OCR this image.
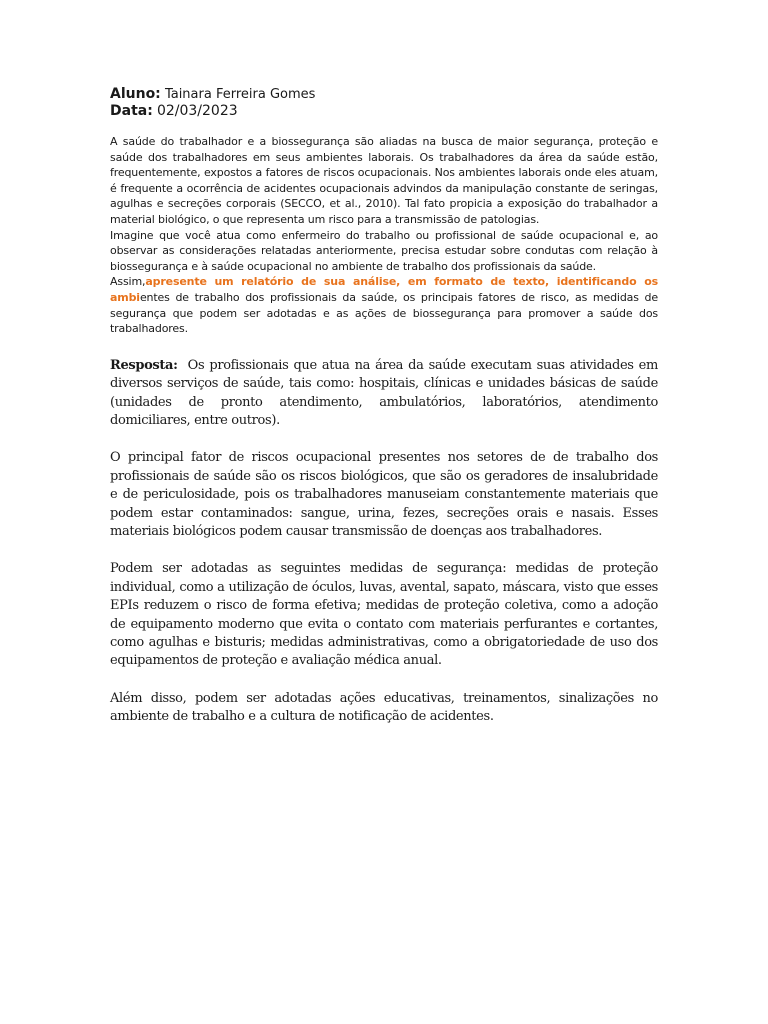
Aluno: Tainara Ferreira Gomes
Data: 02/03/2023

A saúde do trabalhador e a biossegurança são aliadas na busca de maior segurança, proteção e saúde dos trabalhadores em seus ambientes laborais. Os trabalhadores da área da saúde estão, frequentemente, expostos a fatores de riscos ocupacionais. Nos ambientes laborais onde eles atuam, é frequente a ocorrência de acidentes ocupacionais advindos da manipulação constante de seringas, agulhas e secreções corporais (SECCO, et al., 2010). Tal fato propicia a exposição do trabalhador a material biológico, o que representa um risco para a transmissão de patologias.

Imagine que você atua como enfermeiro do trabalho ou profissional de saúde ocupacional e, ao observar as considerações relatadas anteriormente, precisa estudar sobre condutas com relação à biossegurança e à saúde ocupacional no ambiente de trabalho dos profissionais da saúde.

Assim,apresente um relatório de sua análise, em formato de texto, identificando os ambientes de trabalho dos profissionais da saúde, os principais fatores de risco, as medidas de segurança que podem ser adotadas e as ações de biossegurança para promover a saúde dos trabalhadores.

Resposta: Os profissionais que atua na área da saúde executam suas atividades em diversos serviços de saúde, tais como: hospitais, clínicas e unidades básicas de saúde (unidades de pronto atendimento, ambulatórios, laboratórios, atendimento domiciliares, entre outros).

O principal fator de riscos ocupacional presentes nos setores de de trabalho dos profissionais de saúde são os riscos biológicos, que são os geradores de insalubridade e de periculosidade, pois os trabalhadores manuseiam constantemente materiais que podem estar contaminados: sangue, urina, fezes, secreções orais e nasais. Esses materiais biológicos podem causar transmissão de doenças aos trabalhadores.

Podem ser adotadas as seguintes medidas de segurança: medidas de proteção individual, como a utilização de óculos, luvas, avental, sapato, máscara, visto que esses EPIs reduzem o risco de forma efetiva; medidas de proteção coletiva, como a adoção de equipamento moderno que evita o contato com materiais perfurantes e cortantes, como agulhas e bisturis; medidas administrativas, como a obrigatoriedade de uso dos equipamentos de proteção e avaliação médica anual.

Além disso, podem ser adotadas ações educativas, treinamentos, sinalizações no ambiente de trabalho e a cultura de notificação de acidentes.
